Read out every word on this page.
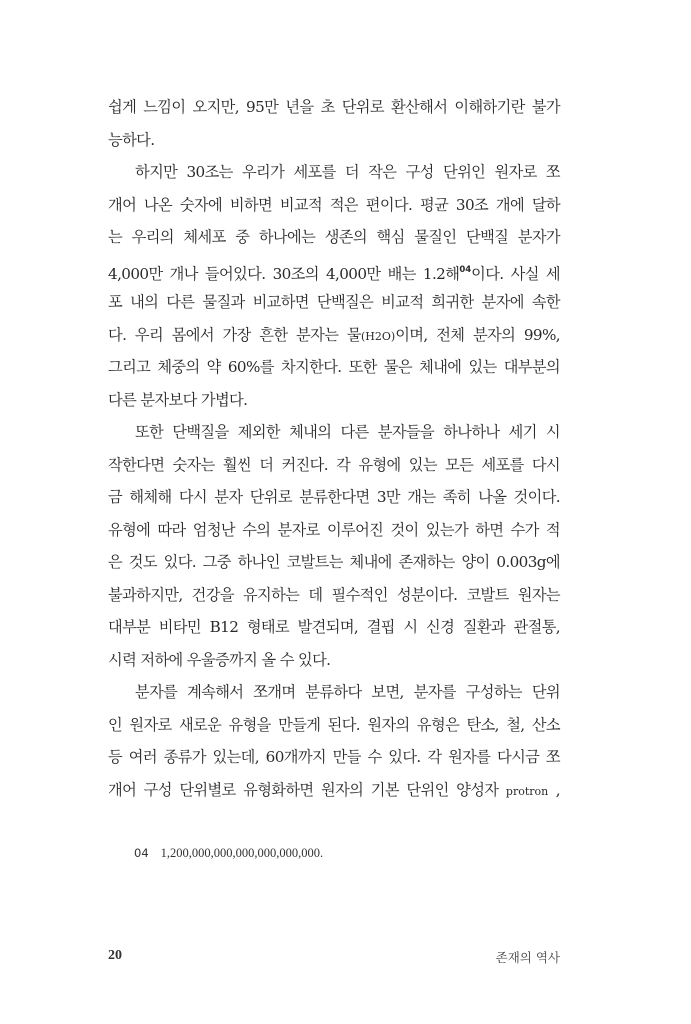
쉽게 느낌이 오지만, 95만 년을 초 단위로 환산해서 이해하기란 불가
능하다.
하지만 30조는 우리가 세포를 더 작은 구성 단위인 원자로 쪼
개어 나온 숫자에 비하면 비교적 적은 편이다. 평균 30조 개에 달하
는 우리의 체세포 중 하나에는 생존의 핵심 물질인 단백질 분자가
4,000만 개나 들어있다. 30조의 4,000만 배는 1.2해$^{04}$이다. 사실 세
포 내의 다른 물질과 비교하면 단백질은 비교적 희귀한 분자에 속한
다. 우리 몸에서 가장 흔한 분자는 물(H2O)이며, 전체 분자의 99%,
그리고 체중의 약 60%를 차지한다. 또한 물은 체내에 있는 대부분의
다른 분자보다 가볍다.
또한 단백질을 제외한 체내의 다른 분자들을 하나하나 세기 시
작한다면 숫자는 훨씬 더 커진다. 각 유형에 있는 모든 세포를 다시
금 해체해 다시 분자 단위로 분류한다면 3만 개는 족히 나올 것이다.
유형에 따라 엄청난 수의 분자로 이루어진 것이 있는가 하면 수가 적
은 것도 있다. 그중 하나인 코발트는 체내에 존재하는 양이 0.003g에
불과하지만, 건강을 유지하는 데 필수적인 성분이다. 코발트 원자는
대부분 비타민 B12 형태로 발견되며, 결핍 시 신경 질환과 관절통,
시력 저하에 우울증까지 올 수 있다.
분자를 계속해서 쪼개며 분류하다 보면, 분자를 구성하는 단위
인 원자로 새로운 유형을 만들게 된다. 원자의 유형은 탄소, 철, 산소
등 여러 종류가 있는데, 60개까지 만들 수 있다. 각 원자를 다시금 쪼
개어 구성 단위별로 유형화하면 원자의 기본 단위인 양성자 protron ,
04 1,200,000,000,000,000,000,000.
20	존재의 역사
